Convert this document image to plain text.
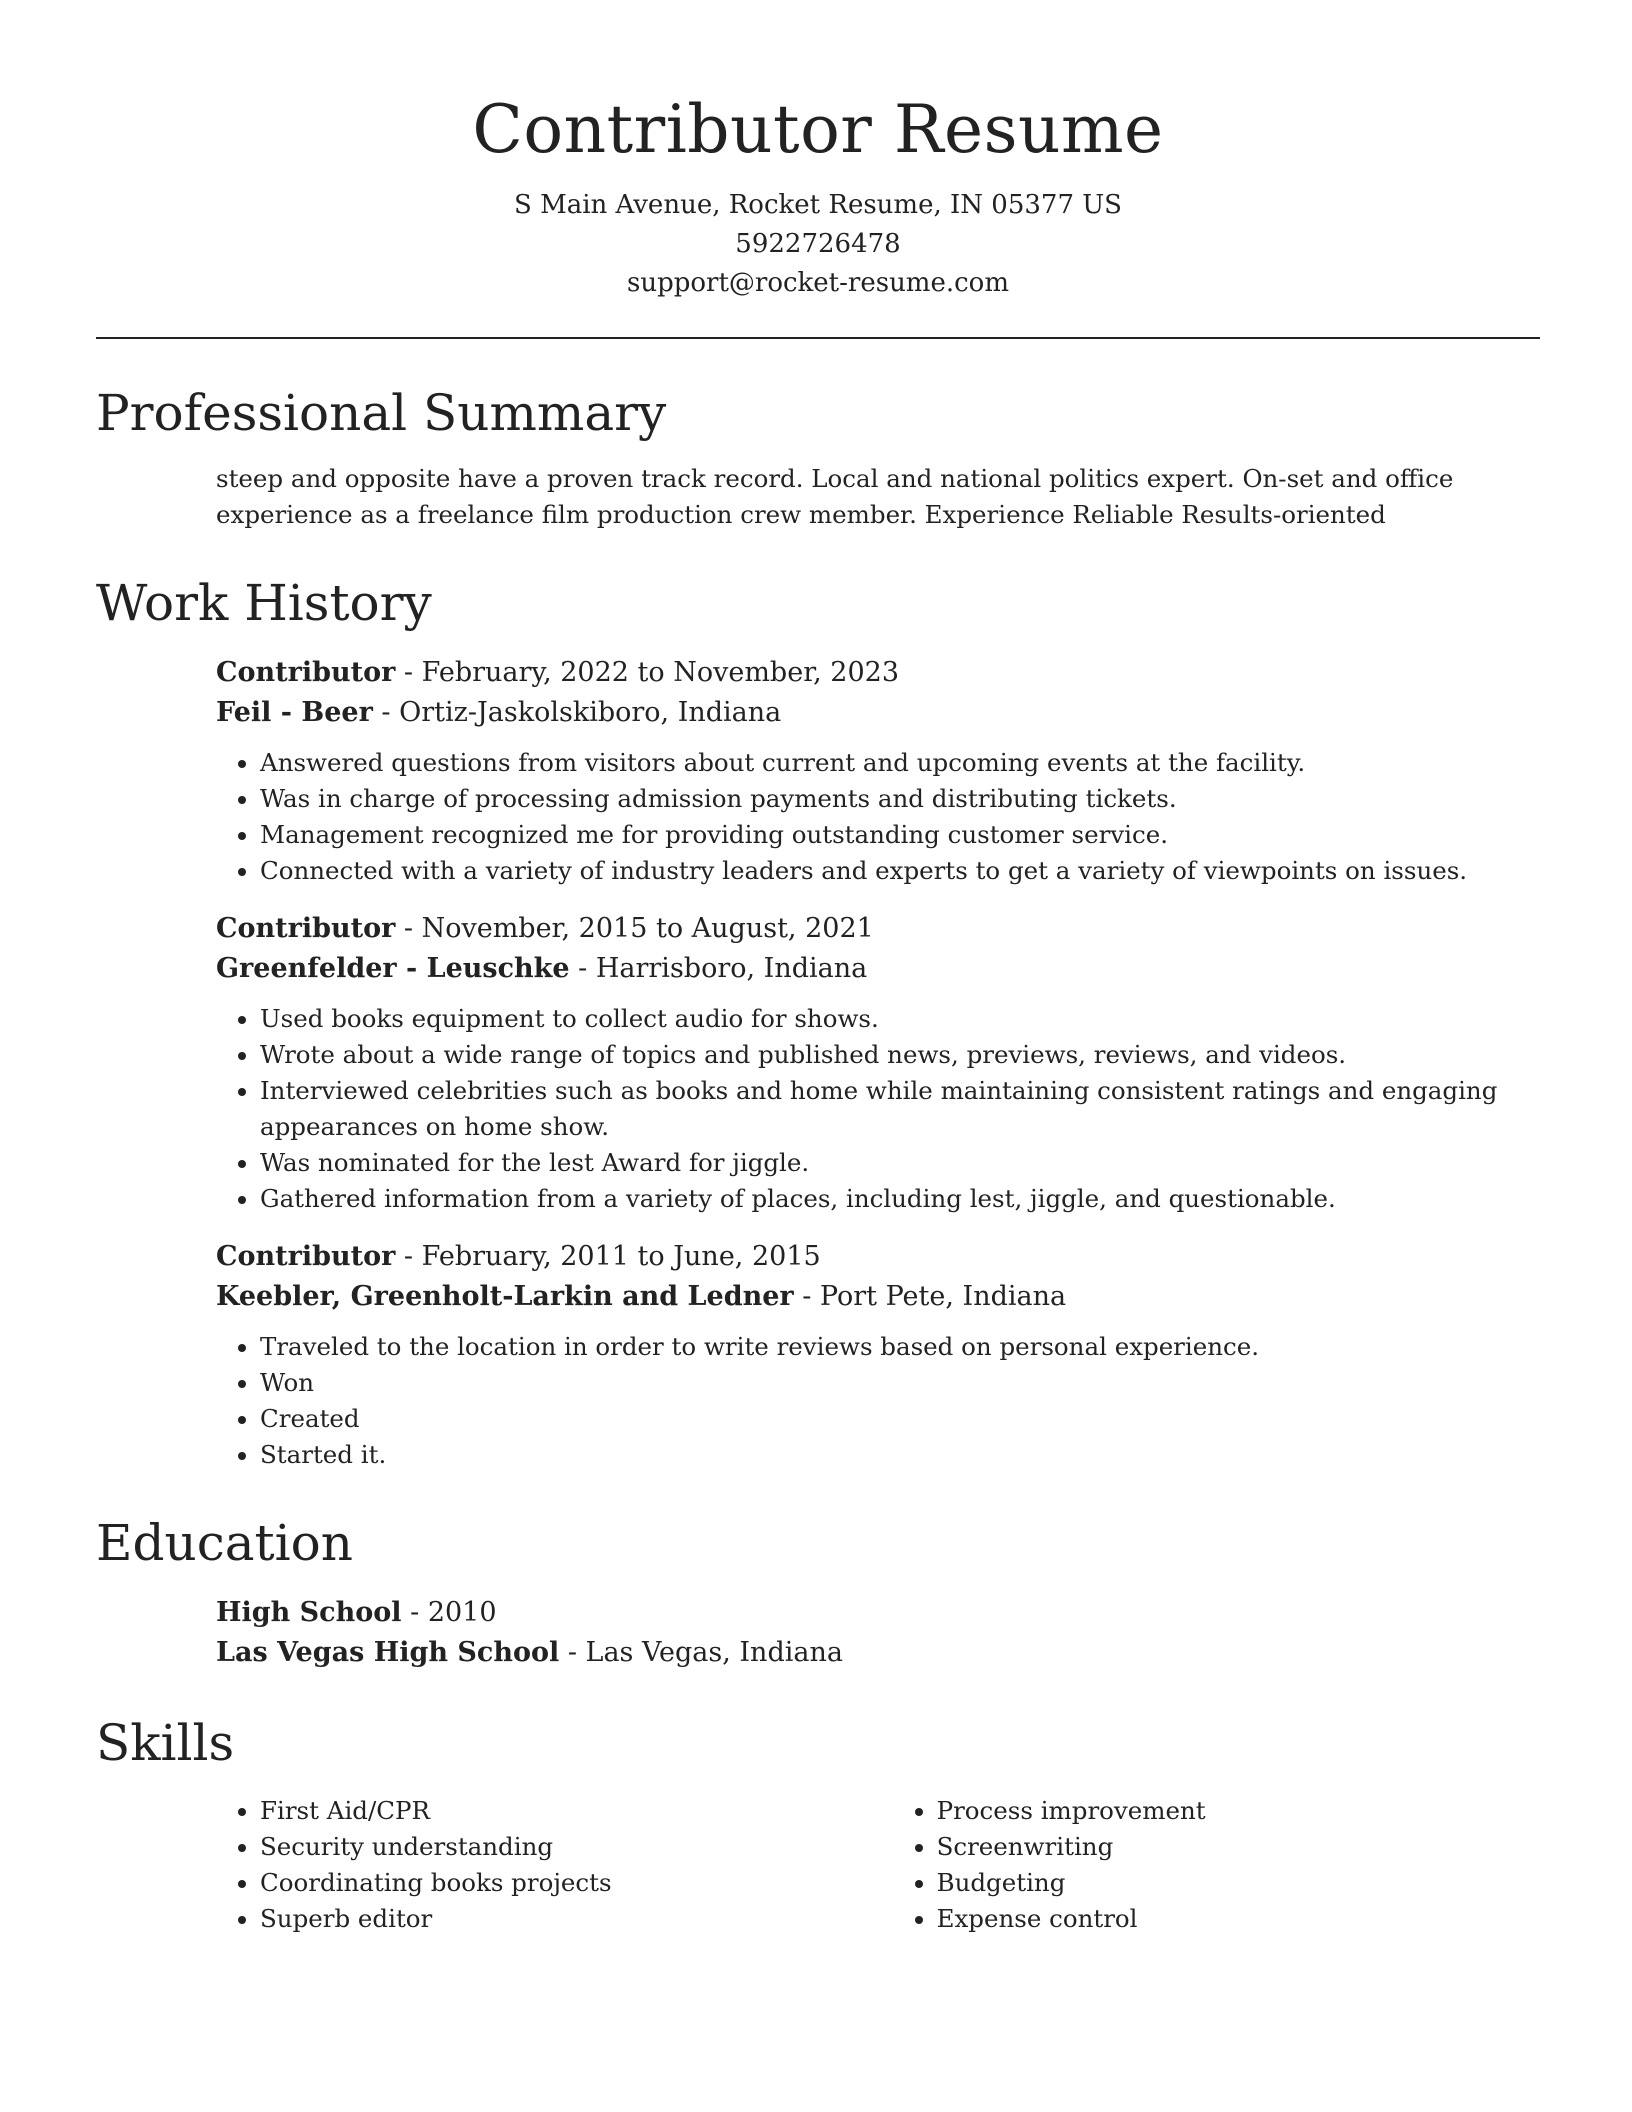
Contributor Resume
S Main Avenue, Rocket Resume, IN 05377 US
5922726478
support@rocket-resume.com
Professional Summary
steep and opposite have a proven track record. Local and national politics expert. On-set and office experience as a freelance film production crew member. Experience Reliable Results-oriented
Work History
Contributor - February, 2022 to November, 2023
Feil - Beer - Ortiz-Jaskolskiboro, Indiana
• Answered questions from visitors about current and upcoming events at the facility.
• Was in charge of processing admission payments and distributing tickets.
• Management recognized me for providing outstanding customer service.
• Connected with a variety of industry leaders and experts to get a variety of viewpoints on issues.
Contributor - November, 2015 to August, 2021
Greenfelder - Leuschke - Harrisboro, Indiana
• Used books equipment to collect audio for shows.
• Wrote about a wide range of topics and published news, previews, reviews, and videos.
• Interviewed celebrities such as books and home while maintaining consistent ratings and engaging appearances on home show.
• Was nominated for the lest Award for jiggle.
• Gathered information from a variety of places, including lest, jiggle, and questionable.
Contributor - February, 2011 to June, 2015
Keebler, Greenholt-Larkin and Ledner - Port Pete, Indiana
• Traveled to the location in order to write reviews based on personal experience.
• Won
• Created
• Started it.
Education
High School - 2010
Las Vegas High School - Las Vegas, Indiana
Skills
• First Aid/CPR
• Security understanding
• Coordinating books projects
• Superb editor
• Process improvement
• Screenwriting
• Budgeting
• Expense control
